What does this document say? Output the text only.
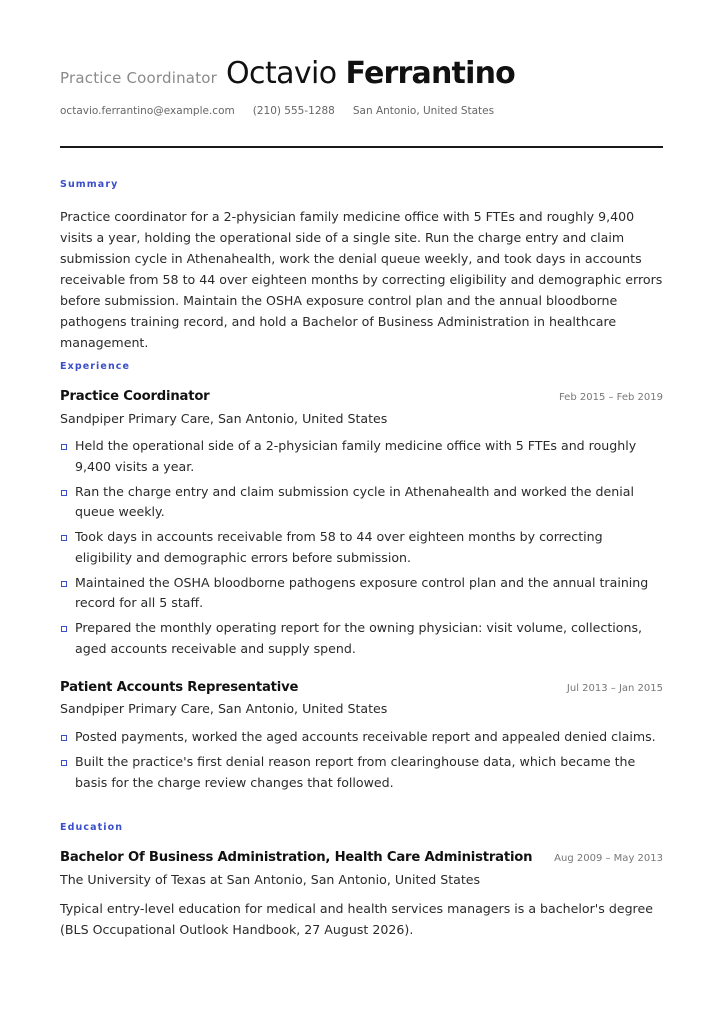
Practice Coordinator Octavio Ferrantino
octavio.ferrantino@example.com (210) 555-1288 San Antonio, United States
Summary

Practice coordinator for a 2-physician family medicine office with 5 FTEs and roughly 9,400 visits a year, holding the operational side of a single site. Run the charge entry and claim submission cycle in Athenahealth, work the denial queue weekly, and took days in accounts receivable from 58 to 44 over eighteen months by correcting eligibility and demographic errors before submission. Maintain the OSHA exposure control plan and the annual bloodborne pathogens training record, and hold a Bachelor of Business Administration in healthcare management.

Experience
Practice Coordinator	Feb 2015 – Feb 2019
Sandpiper Primary Care, San Antonio, United States
Held the operational side of a 2-physician family medicine office with 5 FTEs and roughly 9,400 visits a year.
Ran the charge entry and claim submission cycle in Athenahealth and worked the denial queue weekly.
Took days in accounts receivable from 58 to 44 over eighteen months by correcting eligibility and demographic errors before submission.
Maintained the OSHA bloodborne pathogens exposure control plan and the annual training record for all 5 staff.
Prepared the monthly operating report for the owning physician: visit volume, collections, aged accounts receivable and supply spend.
Patient Accounts Representative	Jul 2013 – Jan 2015
Sandpiper Primary Care, San Antonio, United States
Posted payments, worked the aged accounts receivable report and appealed denied claims.
Built the practice's first denial reason report from clearinghouse data, which became the basis for the charge review changes that followed.
Education
Bachelor Of Business Administration, Health Care Administration Aug 2009 – May 2013
The University of Texas at San Antonio, San Antonio, United States

Typical entry-level education for medical and health services managers is a bachelor's degree (BLS Occupational Outlook Handbook, 27 August 2026).
